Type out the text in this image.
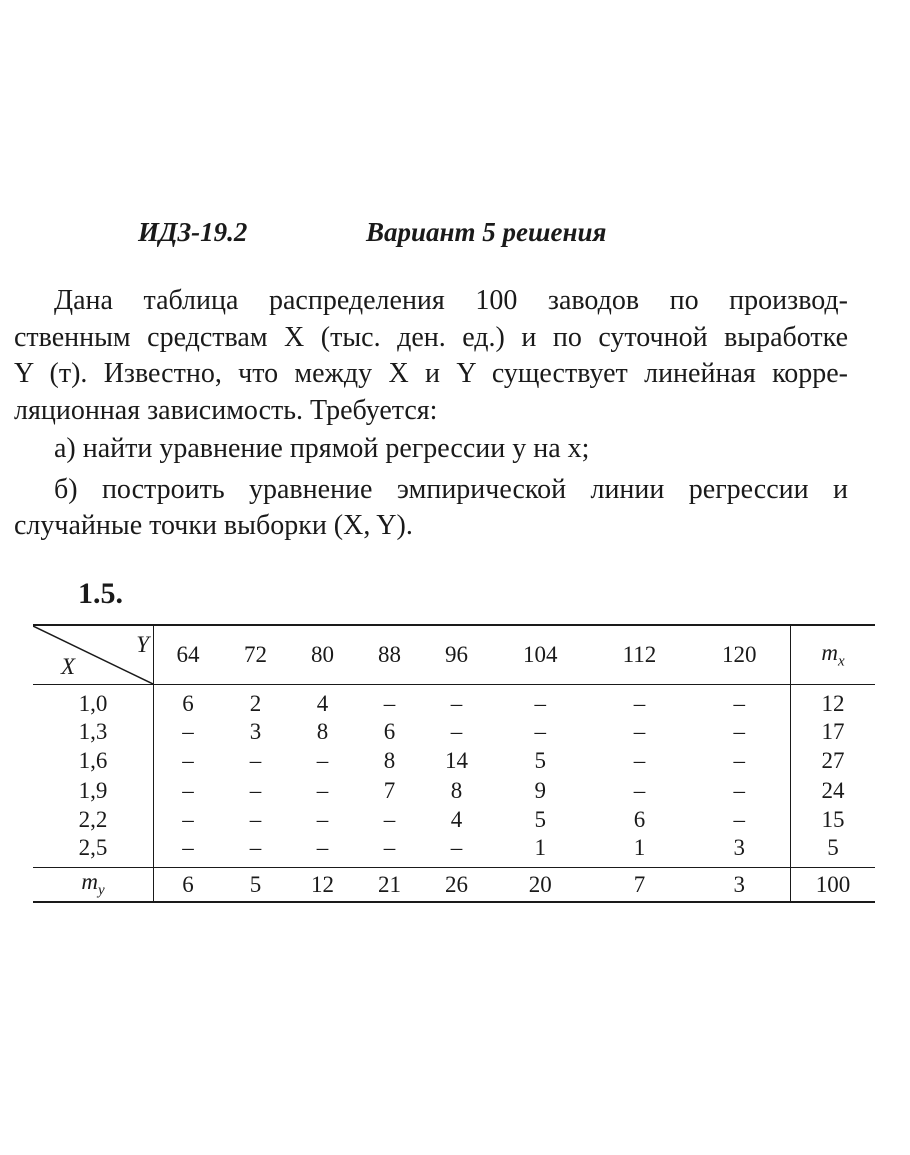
ИДЗ-19.2	Вариант 5 решения

Дана таблица распределения 100 заводов по производ-
ственным средствам X (тыс. ден. ед.) и по суточной выработке
Y (т). Известно, что между X и Y существует линейная корре-
ляционная зависимость. Требуется:

а) найти уравнение прямой регрессии y на x;

б) построить уравнение эмпирической линии регрессии и
случайные точки выборки (X, Y).

1.5.
Y
X	64	72	80	88	96	104	112	120	$m_x$
1,0	6	2	4	–	–	–	–	–	12
1,3	–	3	8	6	–	–	–	–	17
1,6	–	–	–	8	14	5	–	–	27
1,9	–	–	–	7	8	9	–	–	24
2,2	–	–	–	–	4	5	6	–	15
2,5	–	–	–	–	–	1	1	3	5
$m_y$	6	5	12	21	26	20	7	3	100
